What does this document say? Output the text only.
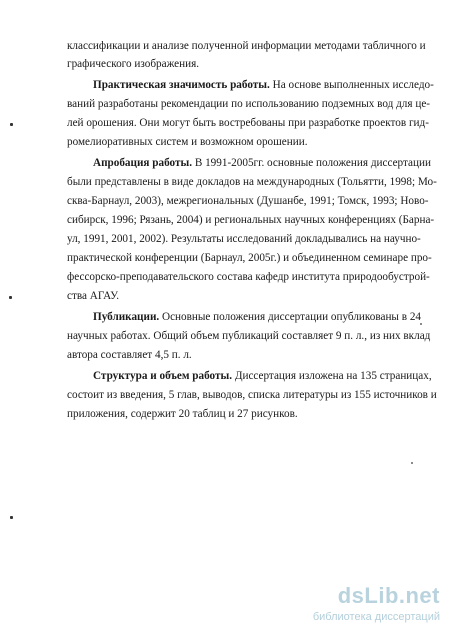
классификации и анализе полученной информации методами табличного и
графического изображения.
Практическая значимость работы. На основе выполненных исследо-
ваний разработаны рекомендации по использованию подземных вод для це-
лей орошения. Они могут быть востребованы при разработке проектов гид-
ромелиоративных систем и возможном орошении.
Апробация работы. В 1991-2005гг. основные положения диссертации
были представлены в виде докладов на международных (Тольятти, 1998; Мо-
сква-Барнаул, 2003), межрегиональных (Душанбе, 1991; Томск, 1993; Ново-
сибирск, 1996; Рязань, 2004) и региональных научных конференциях (Барна-
ул, 1991, 2001, 2002). Результаты исследований докладывались на научно-
практической конференции (Барнаул, 2005г.) и объединенном семинаре про-
фессорско-преподавательского состава кафедр института природообустрой-
ства АГАУ.
Публикации. Основные положения диссертации опубликованы в 24
научных работах. Общий объем публикаций составляет 9 п. л., из них вклад
автора составляет 4,5 п. л.
Структура и объем работы. Диссертация изложена на 135 страницах,
состоит из введения, 5 глав, выводов, списка литературы из 155 источников и
приложения, содержит 20 таблиц и 27 рисунков.
dsLib.net
библиотека диссертаций
